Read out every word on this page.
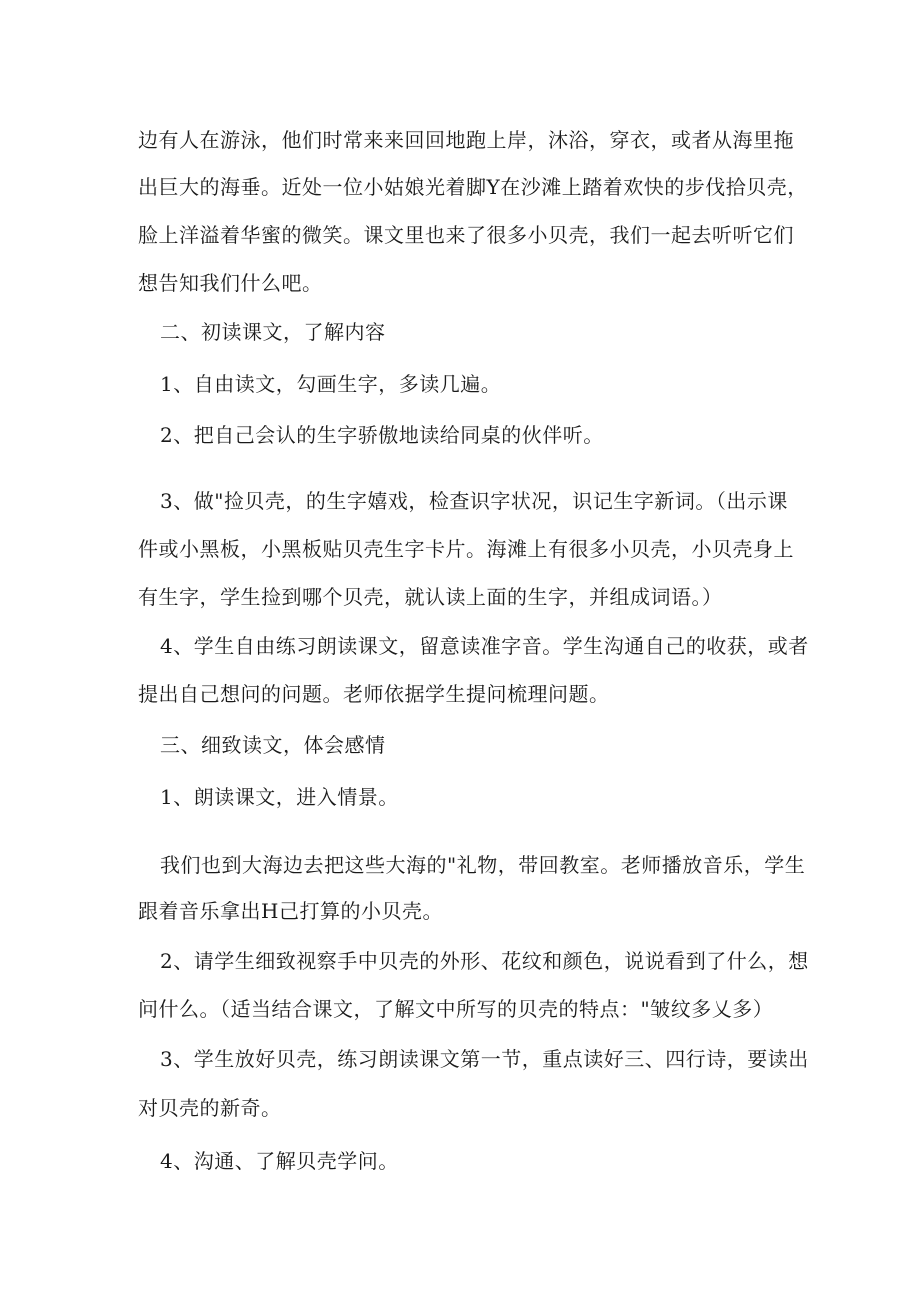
边有人在游泳，他们时常来来回回地跑上岸，沐浴，穿衣，或者从海里拖
出巨大的海垂。近处一位小姑娘光着脚Y在沙滩上踏着欢快的步伐拾贝壳，
脸上洋溢着华蜜的微笑。课文里也来了很多小贝壳，我们一起去听听它们
想告知我们什么吧。
二、初读课文，了解内容
1、自由读文，勾画生字，多读几遍。
2、把自己会认的生字骄傲地读给同桌的伙伴听。
3、做"捡贝壳，的生字嬉戏，检查识字状况，识记生字新词。（出示课
件或小黑板，小黑板贴贝壳生字卡片。海滩上有很多小贝壳，小贝壳身上
有生字，学生捡到哪个贝壳，就认读上面的生字，并组成词语。）
4、学生自由练习朗读课文，留意读准字音。学生沟通自己的收获，或者
提出自己想问的问题。老师依据学生提问梳理问题。
三、细致读文，体会感情
1、朗读课文，进入情景。
我们也到大海边去把这些大海的"礼物，带回教室。老师播放音乐，学生
跟着音乐拿出H己打算的小贝壳。
2、请学生细致视察手中贝壳的外形、花纹和颜色，说说看到了什么，想
问什么。（适当结合课文，了解文中所写的贝壳的特点："皱纹多乂多）
3、学生放好贝壳，练习朗读课文第一节，重点读好三、四行诗，要读出
对贝壳的新奇。
4、沟通、了解贝壳学问。
